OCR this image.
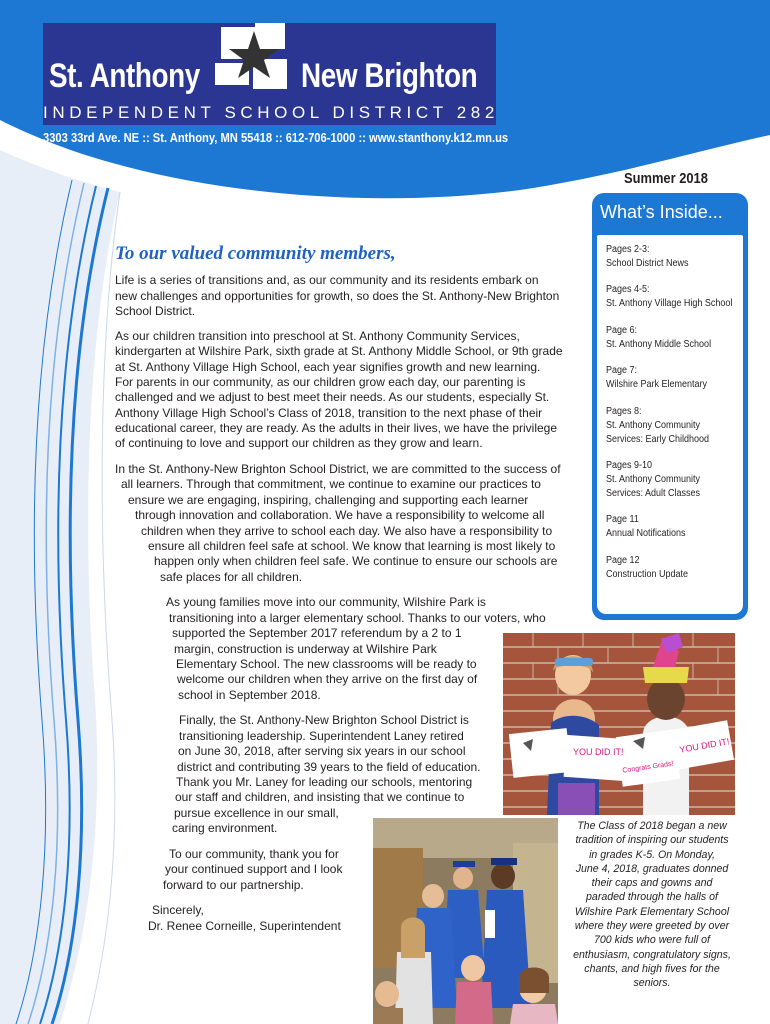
St. Anthony	New Brighton
INDEPENDENT SCHOOL DISTRICT 282
3303 33rd Ave. NE :: St. Anthony, MN 55418 :: 612-706-1000 :: www.stanthony.k12.mn.us
Summer 2018
What’s Inside...
Pages 2-3:
School District News
Pages 4-5:
St. Anthony Village High School
Page 6:
St. Anthony Middle School
Page 7:
Wilshire Park Elementary
Pages 8:
St. Anthony Community
Services: Early Childhood
Pages 9-10
St. Anthony Community
Services: Adult Classes
Page 11
Annual Notifications
Page 12
Construction Update
To our valued community members,
Life is a series of transitions and, as our community and its residents embark on
new challenges and opportunities for growth, so does the St. Anthony-New Brighton
School District.
As our children transition into preschool at St. Anthony Community Services,
kindergarten at Wilshire Park, sixth grade at St. Anthony Middle School, or 9th grade
at St. Anthony Village High School, each year signifies growth and new learning.
For parents in our community, as our children grow each day, our parenting is
challenged and we adjust to best meet their needs. As our students, especially St.
Anthony Village High School’s Class of 2018, transition to the next phase of their
educational career, they are ready. As the adults in their lives, we have the privilege
of continuing to love and support our children as they grow and learn.
In the St. Anthony-New Brighton School District, we are committed to the success of
all learners. Through that commitment, we continue to examine our practices to
ensure we are engaging, inspiring, challenging and supporting each learner
through innovation and collaboration. We have a responsibility to welcome all
children when they arrive to school each day. We also have a responsibility to
ensure all children feel safe at school. We know that learning is most likely to
happen only when children feel safe. We continue to ensure our schools are
safe places for all children.
As young families move into our community, Wilshire Park is
transitioning into a larger elementary school. Thanks to our voters, who
supported the September 2017 referendum by a 2 to 1
margin, construction is underway at Wilshire Park
Elementary School. The new classrooms will be ready to
welcome our children when they arrive on the first day of
school in September 2018.
Finally, the St. Anthony-New Brighton School District is
transitioning leadership. Superintendent Laney retired
on June 30, 2018, after serving six years in our school
district and contributing 39 years to the field of education.
Thank you Mr. Laney for leading our schools, mentoring
our staff and children, and insisting that we continue to
pursue excellence in our small,
caring environment.
To our community, thank you for
your continued support and I look
forward to our partnership.
Sincerely,
Dr. Renee Corneille, Superintendent
YOU DID IT!	YOU DID IT!
Congrats Grads!
The Class of 2018 began a new
tradition of inspiring our students
in grades K-5. On Monday,
June 4, 2018, graduates donned
their caps and gowns and
paraded through the halls of
Wilshire Park Elementary School
where they were greeted by over
700 kids who were full of
enthusiasm, congratulatory signs,
chants, and high fives for the
seniors.
